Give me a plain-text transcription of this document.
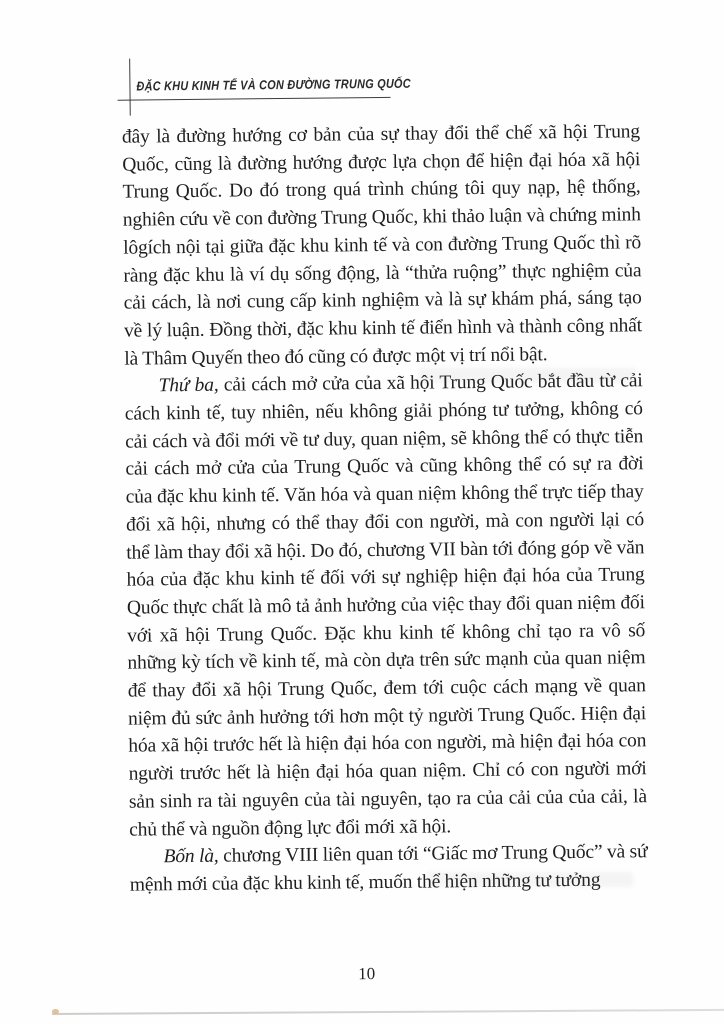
ĐẶC KHU KINH TẾ VÀ CON ĐƯỜNG TRUNG QUỐC

đây là đường hướng cơ bản của sự thay đổi thể chế xã hội Trung Quốc, cũng là đường hướng được lựa chọn để hiện đại hóa xã hội Trung Quốc. Do đó trong quá trình chúng tôi quy nạp, hệ thống, nghiên cứu về con đường Trung Quốc, khi thảo luận và chứng minh lôgích nội tại giữa đặc khu kinh tế và con đường Trung Quốc thì rõ ràng đặc khu là ví dụ sống động, là “thửa ruộng” thực nghiệm của cải cách, là nơi cung cấp kinh nghiệm và là sự khám phá, sáng tạo về lý luận. Đồng thời, đặc khu kinh tế điển hình và thành công nhất là Thâm Quyến theo đó cũng có được một vị trí nổi bật.

Thứ ba, cải cách mở cửa của xã hội Trung Quốc bắt đầu từ cải cách kinh tế, tuy nhiên, nếu không giải phóng tư tưởng, không có cải cách và đổi mới về tư duy, quan niệm, sẽ không thể có thực tiễn cải cách mở cửa của Trung Quốc và cũng không thể có sự ra đời của đặc khu kinh tế. Văn hóa và quan niệm không thể trực tiếp thay đổi xã hội, nhưng có thể thay đổi con người, mà con người lại có thể làm thay đổi xã hội. Do đó, chương VII bàn tới đóng góp về văn hóa của đặc khu kinh tế đối với sự nghiệp hiện đại hóa của Trung Quốc thực chất là mô tả ảnh hưởng của việc thay đổi quan niệm đối với xã hội Trung Quốc. Đặc khu kinh tế không chỉ tạo ra vô số những kỳ tích về kinh tế, mà còn dựa trên sức mạnh của quan niệm để thay đổi xã hội Trung Quốc, đem tới cuộc cách mạng về quan niệm đủ sức ảnh hưởng tới hơn một tỷ người Trung Quốc. Hiện đại hóa xã hội trước hết là hiện đại hóa con người, mà hiện đại hóa con người trước hết là hiện đại hóa quan niệm. Chỉ có con người mới sản sinh ra tài nguyên của tài nguyên, tạo ra của cải của của cải, là chủ thể và nguồn động lực đổi mới xã hội.

Bốn là, chương VIII liên quan tới “Giấc mơ Trung Quốc” và sứ mệnh mới của đặc khu kinh tế, muốn thể hiện những tư tưởng

10
